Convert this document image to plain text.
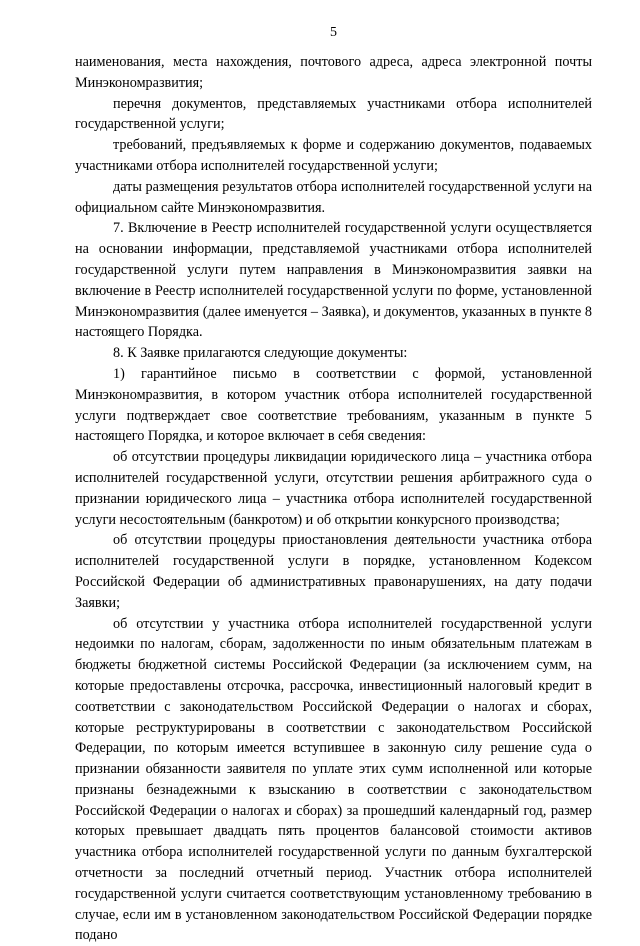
5

наименования, места нахождения, почтового адреса, адреса электронной почты Минэкономразвития;

перечня документов, представляемых участниками отбора исполнителей государственной услуги;

требований, предъявляемых к форме и содержанию документов, подаваемых участниками отбора исполнителей государственной услуги;

даты размещения результатов отбора исполнителей государственной услуги на официальном сайте Минэкономразвития.

7. Включение в Реестр исполнителей государственной услуги осуществляется на основании информации, представляемой участниками отбора исполнителей государственной услуги путем направления в Минэкономразвития заявки на включение в Реестр исполнителей государственной услуги по форме, установленной Минэкономразвития (далее именуется – Заявка), и документов, указанных в пункте 8 настоящего Порядка.

8. К Заявке прилагаются следующие документы:

1) гарантийное письмо в соответствии с формой, установленной Минэкономразвития, в котором участник отбора исполнителей государственной услуги подтверждает свое соответствие требованиям, указанным в пункте 5 настоящего Порядка, и которое включает в себя сведения:

об отсутствии процедуры ликвидации юридического лица – участника отбора исполнителей государственной услуги, отсутствии решения арбитражного суда о признании юридического лица – участника отбора исполнителей государственной услуги несостоятельным (банкротом) и об открытии конкурсного производства;

об отсутствии процедуры приостановления деятельности участника отбора исполнителей государственной услуги в порядке, установленном Кодексом Российской Федерации об административных правонарушениях, на дату подачи Заявки;

об отсутствии у участника отбора исполнителей государственной услуги недоимки по налогам, сборам, задолженности по иным обязательным платежам в бюджеты бюджетной системы Российской Федерации (за исключением сумм, на которые предоставлены отсрочка, рассрочка, инвестиционный налоговый кредит в соответствии с законодательством Российской Федерации о налогах и сборах, которые реструктурированы в соответствии с законодательством Российской Федерации, по которым имеется вступившее в законную силу решение суда о признании обязанности заявителя по уплате этих сумм исполненной или которые признаны безнадежными к взысканию в соответствии с законодательством Российской Федерации о налогах и сборах) за прошедший календарный год, размер которых превышает двадцать пять процентов балансовой стоимости активов участника отбора исполнителей государственной услуги по данным бухгалтерской отчетности за последний отчетный период. Участник отбора исполнителей государственной услуги считается соответствующим установленному требованию в случае, если им в установленном законодательством Российской Федерации порядке подано
